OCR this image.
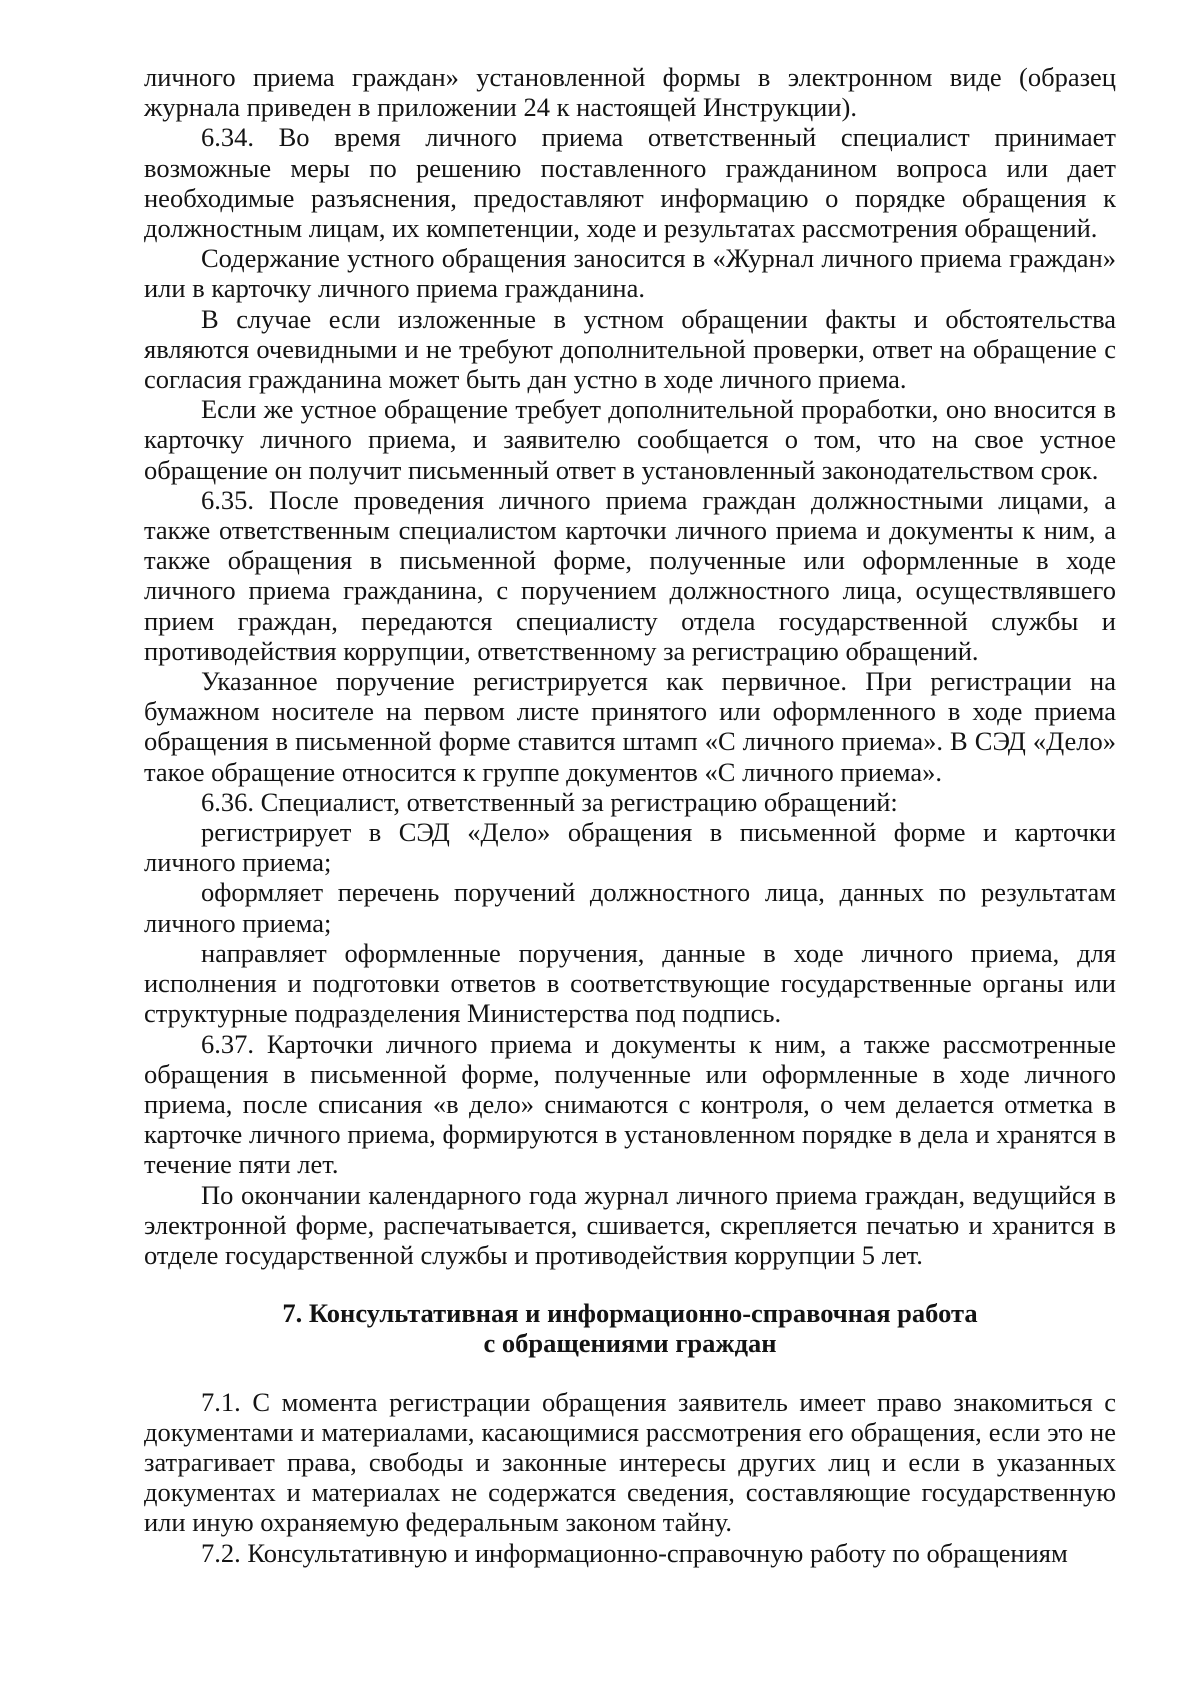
личного приема граждан» установленной формы в электронном виде (образец журнала приведен в приложении 24 к настоящей Инструкции).

6.34. Во время личного приема ответственный специалист принимает возможные меры по решению поставленного гражданином вопроса или дает необходимые разъяснения, предоставляют информацию о порядке обращения к должностным лицам, их компетенции, ходе и результатах рассмотрения обращений.

Содержание устного обращения заносится в «Журнал личного приема граждан» или в карточку личного приема гражданина.

В случае если изложенные в устном обращении факты и обстоятельства являются очевидными и не требуют дополнительной проверки, ответ на обращение с согласия гражданина может быть дан устно в ходе личного приема.

Если же устное обращение требует дополнительной проработки, оно вносится в карточку личного приема, и заявителю сообщается о том, что на свое устное обращение он получит письменный ответ в установленный законодательством срок.

6.35. После проведения личного приема граждан должностными лицами, а также ответственным специалистом карточки личного приема и документы к ним, а также обращения в письменной форме, полученные или оформленные в ходе личного приема гражданина, с поручением должностного лица, осуществлявшего прием граждан, передаются специалисту отдела государственной службы и противодействия коррупции, ответственному за регистрацию обращений.

Указанное поручение регистрируется как первичное. При регистрации на бумажном носителе на первом листе принятого или оформленного в ходе приема обращения в письменной форме ставится штамп «С личного приема». В СЭД «Дело» такое обращение относится к группе документов «С личного приема».

6.36. Специалист, ответственный за регистрацию обращений:

регистрирует в СЭД «Дело» обращения в письменной форме и карточки личного приема;

оформляет перечень поручений должностного лица, данных по результатам личного приема;

направляет оформленные поручения, данные в ходе личного приема, для исполнения и подготовки ответов в соответствующие государственные органы или структурные подразделения Министерства под подпись.

6.37. Карточки личного приема и документы к ним, а также рассмотренные обращения в письменной форме, полученные или оформленные в ходе личного приема, после списания «в дело» снимаются с контроля, о чем делается отметка в карточке личного приема, формируются в установленном порядке в дела и хранятся в течение пяти лет.

По окончании календарного года журнал личного приема граждан, ведущийся в электронной форме, распечатывается, сшивается, скрепляется печатью и хранится в отделе государственной службы и противодействия коррупции 5 лет.

7. Консультативная и информационно-справочная работа
с обращениями граждан

7.1. С момента регистрации обращения заявитель имеет право знакомиться с документами и материалами, касающимися рассмотрения его обращения, если это не затрагивает права, свободы и законные интересы других лиц и если в указанных документах и материалах не содержатся сведения, составляющие государственную или иную охраняемую федеральным законом тайну.

7.2. Консультативную и информационно-справочную работу по обращениям
